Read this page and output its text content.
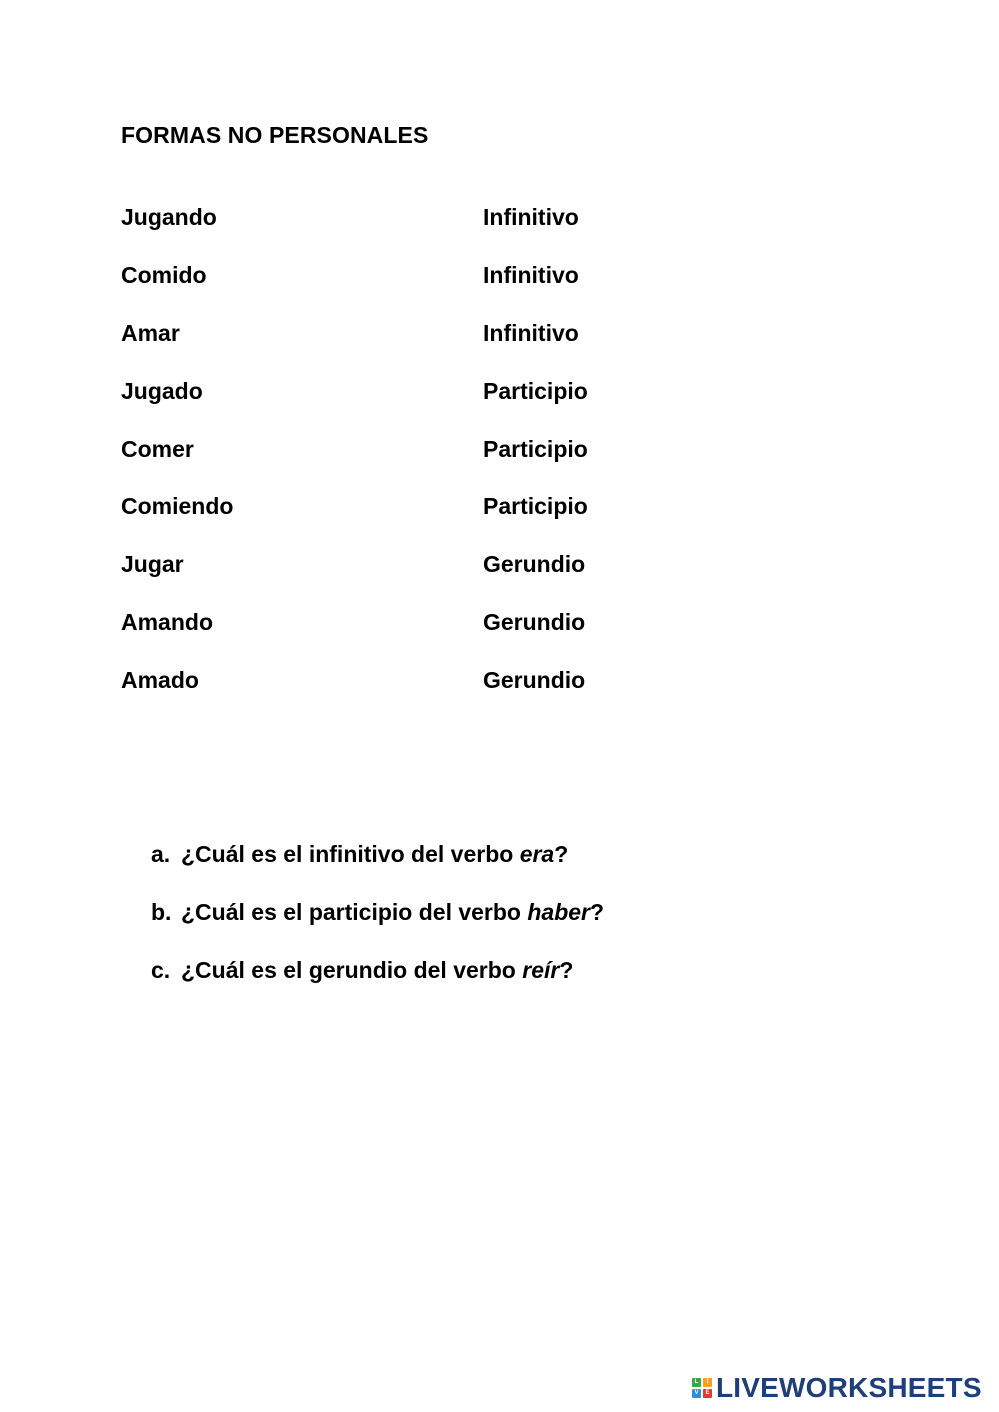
FORMAS NO PERSONALES
Jugando	Infinitivo
Comido	Infinitivo
Amar	Infinitivo
Jugado	Participio
Comer	Participio
Comiendo	Participio
Jugar	Gerundio
Amando	Gerundio
Amado	Gerundio
a. ¿Cuál es el infinitivo del verbo era?
b. ¿Cuál es el participio del verbo haber?
c. ¿Cuál es el gerundio del verbo reír?
L	I
V	E LIVEWORKSHEETS
